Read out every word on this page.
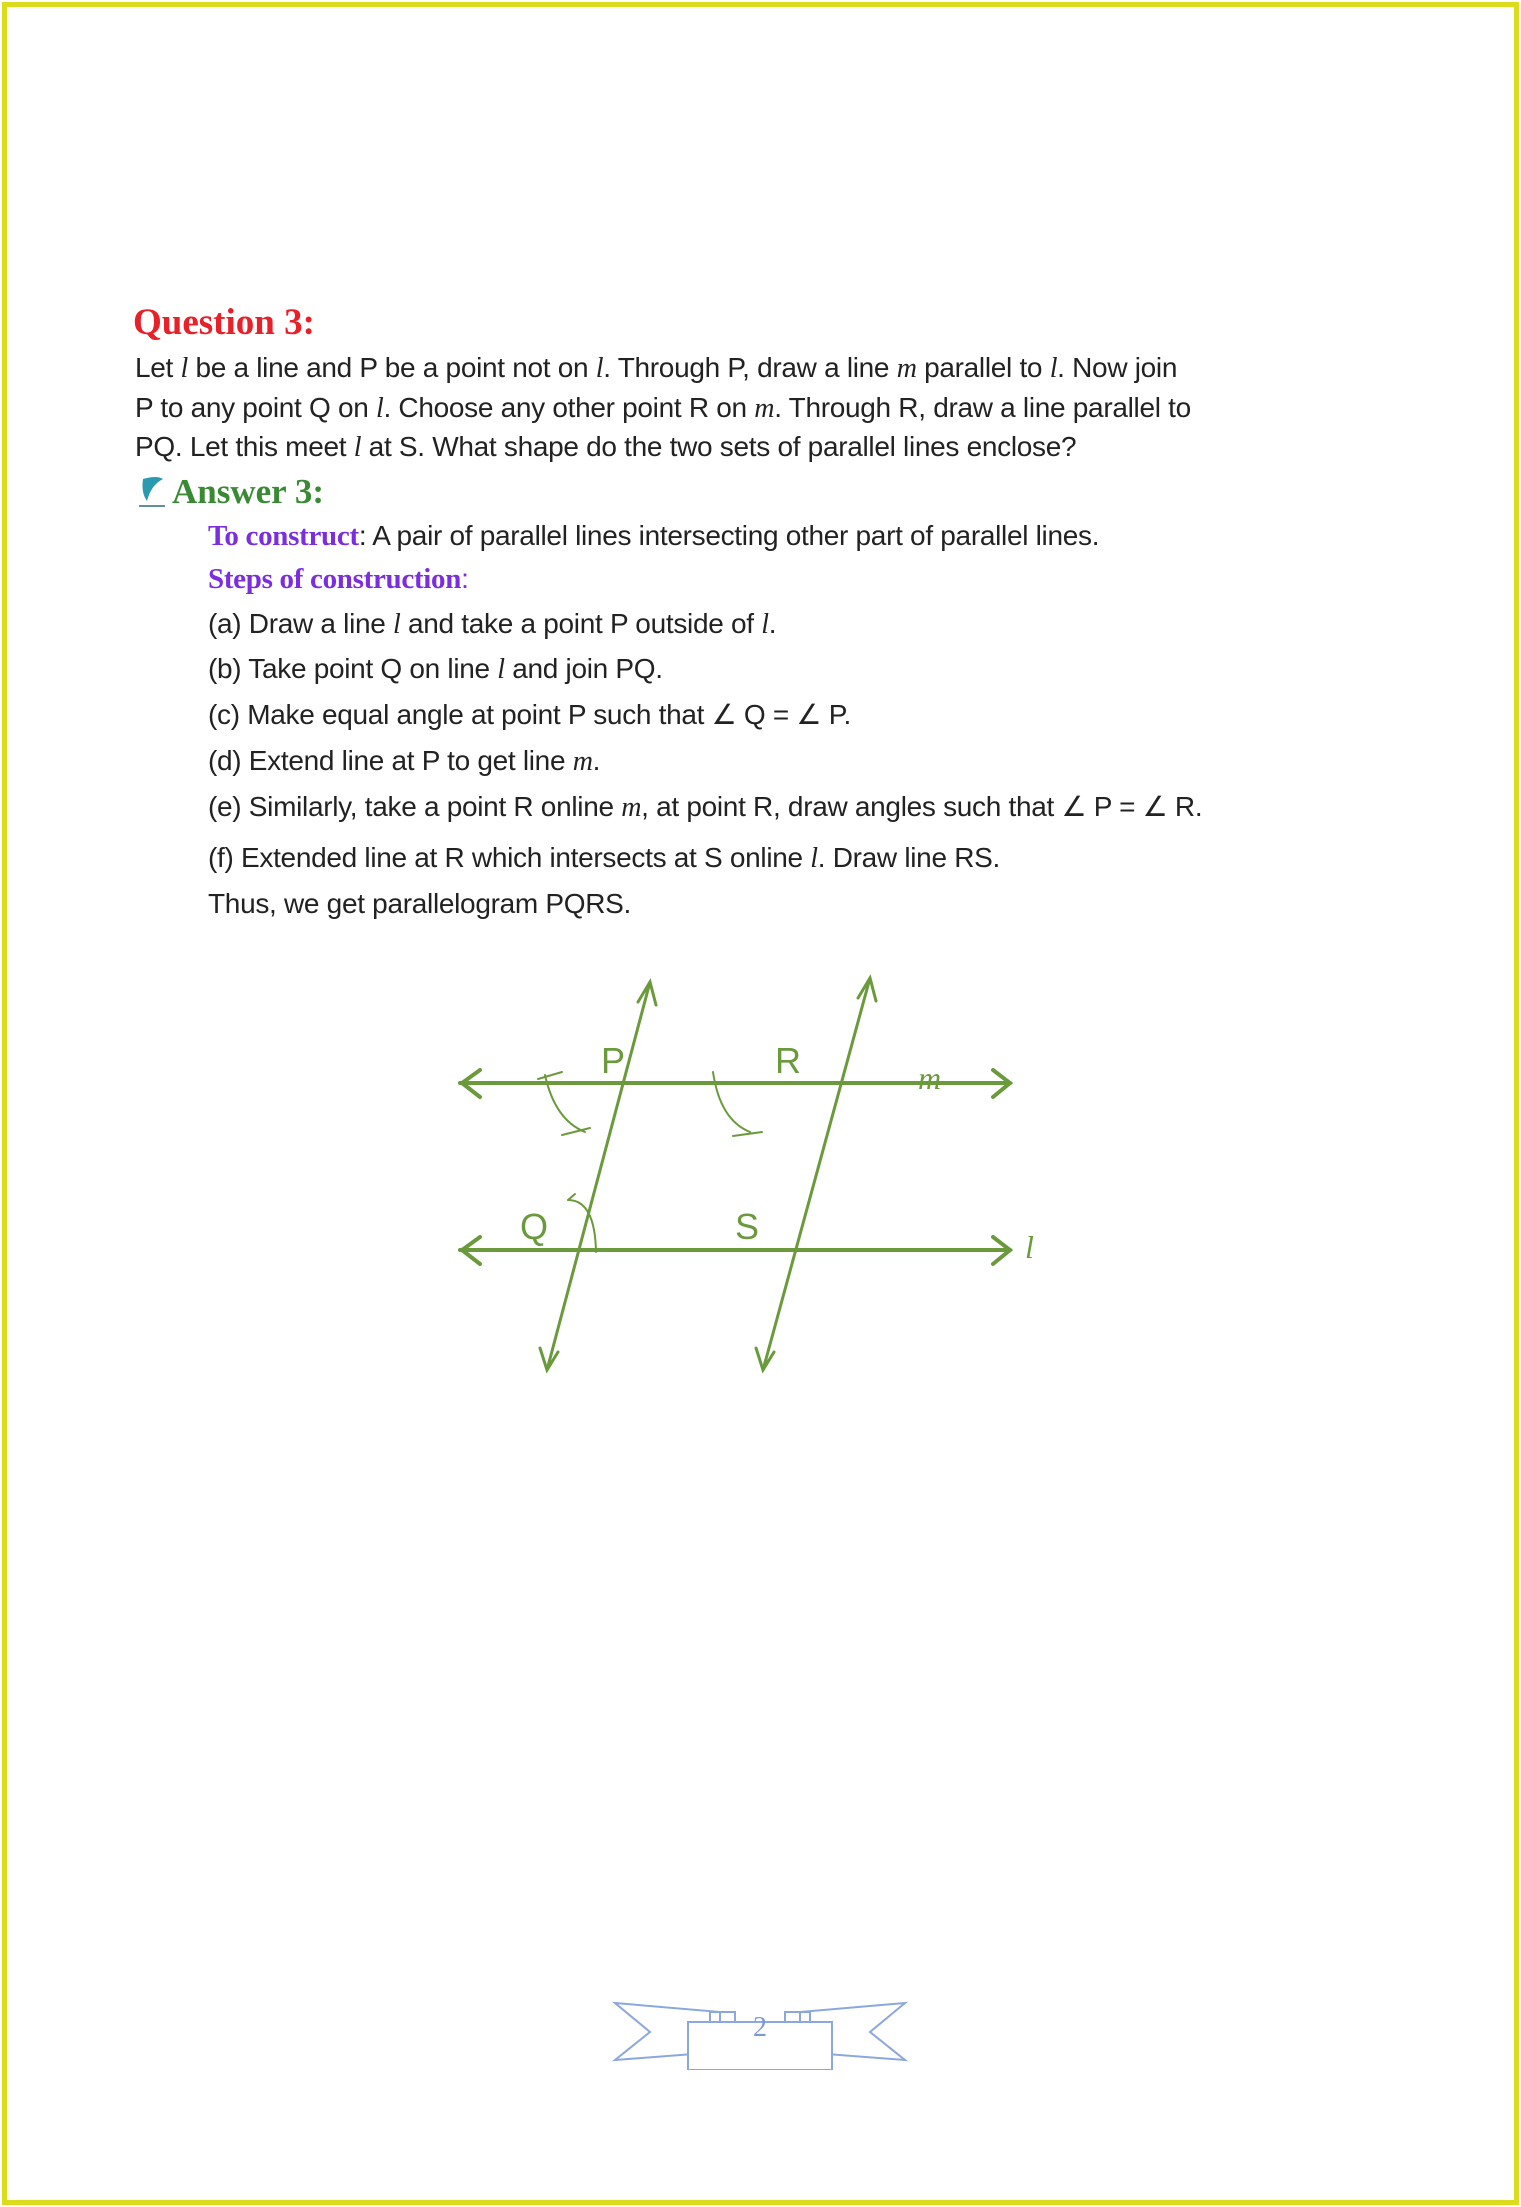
Question 3:
Let l be a line and P be a point not on l. Through P, draw a line m parallel to l. Now join
P to any point Q on l. Choose any other point R on m. Through R, draw a line parallel to
PQ. Let this meet l at S. What shape do the two sets of parallel lines enclose?
Answer 3:
To construct: A pair of parallel lines intersecting other part of parallel lines.
Steps of construction:
(a) Draw a line l and take a point P outside of l.
(b) Take point Q on line l and join PQ.
(c) Make equal angle at point P such that ∠ Q = ∠ P.
(d) Extend line at P to get line m.
(e) Similarly, take a point R online m, at point R, draw angles such that ∠ P = ∠ R.
(f) Extended line at R which intersects at S online l. Draw line RS.
Thus, we get parallelogram PQRS.
P	R
Q	S
m
l
2
